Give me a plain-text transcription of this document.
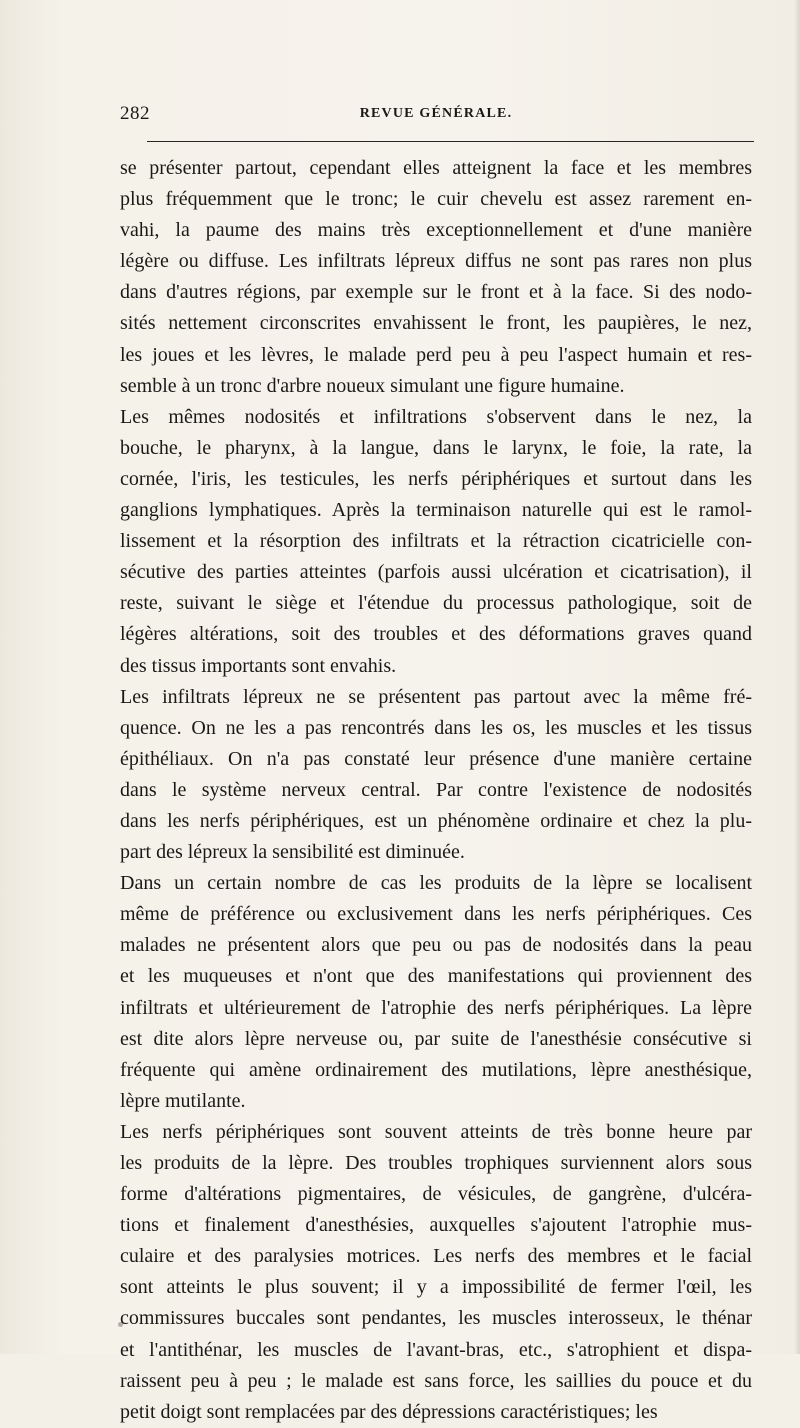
282	REVUE GÉNÉRALE.
se présenter partout, cependant elles atteignent la face et les membres
plus fréquemment que le tronc; le cuir chevelu est assez rarement en-
vahi, la paume des mains très exceptionnellement et d'une manière
légère ou diffuse. Les infiltrats lépreux diffus ne sont pas rares non plus
dans d'autres régions, par exemple sur le front et à la face. Si des nodo-
sités nettement circonscrites envahissent le front, les paupières, le nez,
les joues et les lèvres, le malade perd peu à peu l'aspect humain et res-
semble à un tronc d'arbre noueux simulant une figure humaine.
Les mêmes nodosités et infiltrations s'observent dans le nez, la
bouche, le pharynx, à la langue, dans le larynx, le foie, la rate, la
cornée, l'iris, les testicules, les nerfs périphériques et surtout dans les
ganglions lymphatiques. Après la terminaison naturelle qui est le ramol-
lissement et la résorption des infiltrats et la rétraction cicatricielle con-
sécutive des parties atteintes (parfois aussi ulcération et cicatrisation), il
reste, suivant le siège et l'étendue du processus pathologique, soit de
légères altérations, soit des troubles et des déformations graves quand
des tissus importants sont envahis.
Les infiltrats lépreux ne se présentent pas partout avec la même fré-
quence. On ne les a pas rencontrés dans les os, les muscles et les tissus
épithéliaux. On n'a pas constaté leur présence d'une manière certaine
dans le système nerveux central. Par contre l'existence de nodosités
dans les nerfs périphériques, est un phénomène ordinaire et chez la plu-
part des lépreux la sensibilité est diminuée.
Dans un certain nombre de cas les produits de la lèpre se localisent
même de préférence ou exclusivement dans les nerfs périphériques. Ces
malades ne présentent alors que peu ou pas de nodosités dans la peau
et les muqueuses et n'ont que des manifestations qui proviennent des
infiltrats et ultérieurement de l'atrophie des nerfs périphériques. La lèpre
est dite alors lèpre nerveuse ou, par suite de l'anesthésie consécutive si
fréquente qui amène ordinairement des mutilations, lèpre anesthésique,
lèpre mutilante.
Les nerfs périphériques sont souvent atteints de très bonne heure par
les produits de la lèpre. Des troubles trophiques surviennent alors sous
forme d'altérations pigmentaires, de vésicules, de gangrène, d'ulcéra-
tions et finalement d'anesthésies, auxquelles s'ajoutent l'atrophie mus-
culaire et des paralysies motrices. Les nerfs des membres et le facial
sont atteints le plus souvent; il y a impossibilité de fermer l'œil, les
commissures buccales sont pendantes, les muscles interosseux, le thénar
et l'antithénar, les muscles de l'avant-bras, etc., s'atrophient et dispa-
raissent peu à peu ; le malade est sans force, les saillies du pouce et du
petit doigt sont remplacées par des dépressions caractéristiques; les
